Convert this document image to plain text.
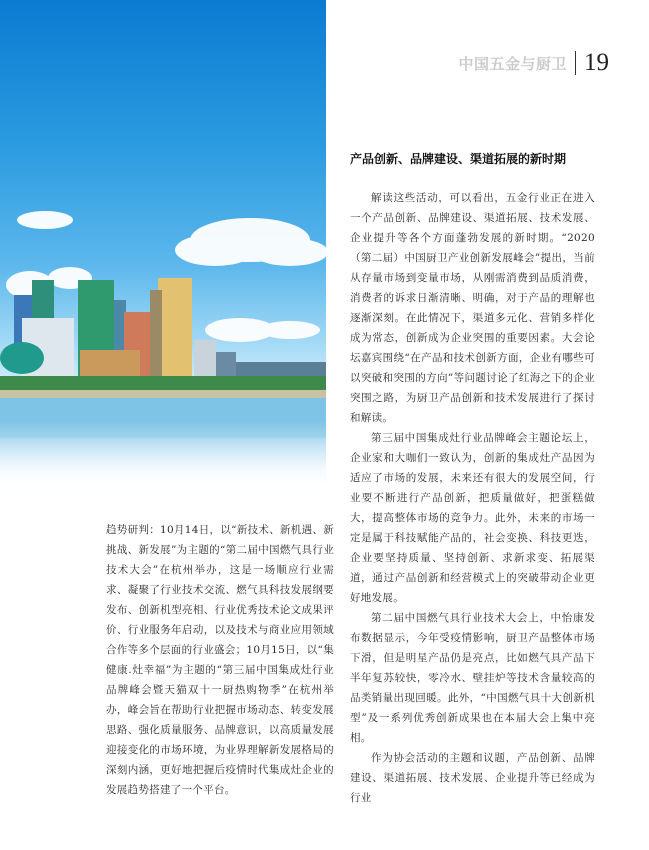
中国五金与厨卫 19
产品创新、品牌建设、渠道拓展的新时期

解读这些活动，可以看出，五金行业正在进入一个产品创新、品牌建设、渠道拓展、技术发展、企业提升等各个方面蓬勃发展的新时期。“2020（第二届）中国厨卫产业创新发展峰会”提出，当前从存量市场到变量市场，从刚需消费到品质消费，消费者的诉求日渐清晰、明确，对于产品的理解也逐渐深刻。在此情况下，渠道多元化、营销多样化成为常态，创新成为企业突围的重要因素。大会论坛嘉宾围绕“在产品和技术创新方面，企业有哪些可以突破和突围的方向”等问题讨论了红海之下的企业突围之路，为厨卫产品创新和技术发展进行了探讨和解读。

第三届中国集成灶行业品牌峰会主题论坛上，企业家和大咖们一致认为，创新的集成灶产品因为适应了市场的发展，未来还有很大的发展空间，行业要不断进行产品创新，把质量做好，把蛋糕做大，提高整体市场的竞争力。此外，未来的市场一定是属于科技赋能产品的，社会变换、科技更迭，企业要坚持质量、坚持创新、求新求变、拓展渠道，通过产品创新和经营模式上的突破带动企业更好地发展。

第二届中国燃气具行业技术大会上，中怡康发布数据显示，今年受疫情影响，厨卫产品整体市场下滑，但是明星产品仍是亮点，比如燃气具产品下半年复苏较快，零冷水、壁挂炉等技术含量较高的品类销量出现回暖。此外，“中国燃气具十大创新机型”及一系列优秀创新成果也在本届大会上集中亮相。

作为协会活动的主题和议题，产品创新、品牌建设、渠道拓展、技术发展、企业提升等已经成为行业

趋势研判：10月14日，以“新技术、新机遇、新挑战、新发展”为主题的“第二届中国燃气具行业技术大会”在杭州举办，这是一场顺应行业需求、凝聚了行业技术交流、燃气具科技发展纲要发布、创新机型亮相、行业优秀技术论文成果评价、行业服务年启动，以及技术与商业应用领域合作等多个层面的行业盛会；10月15日，以“集健康.灶幸福”为主题的“第三届中国集成灶行业品牌峰会暨天猫双十一厨热购物季”在杭州举办，峰会旨在帮助行业把握市场动态、转变发展思路、强化质量服务、品牌意识，以高质量发展迎接变化的市场环境，为业界理解新发展格局的深刻内涵，更好地把握后疫情时代集成灶企业的发展趋势搭建了一个平台。
